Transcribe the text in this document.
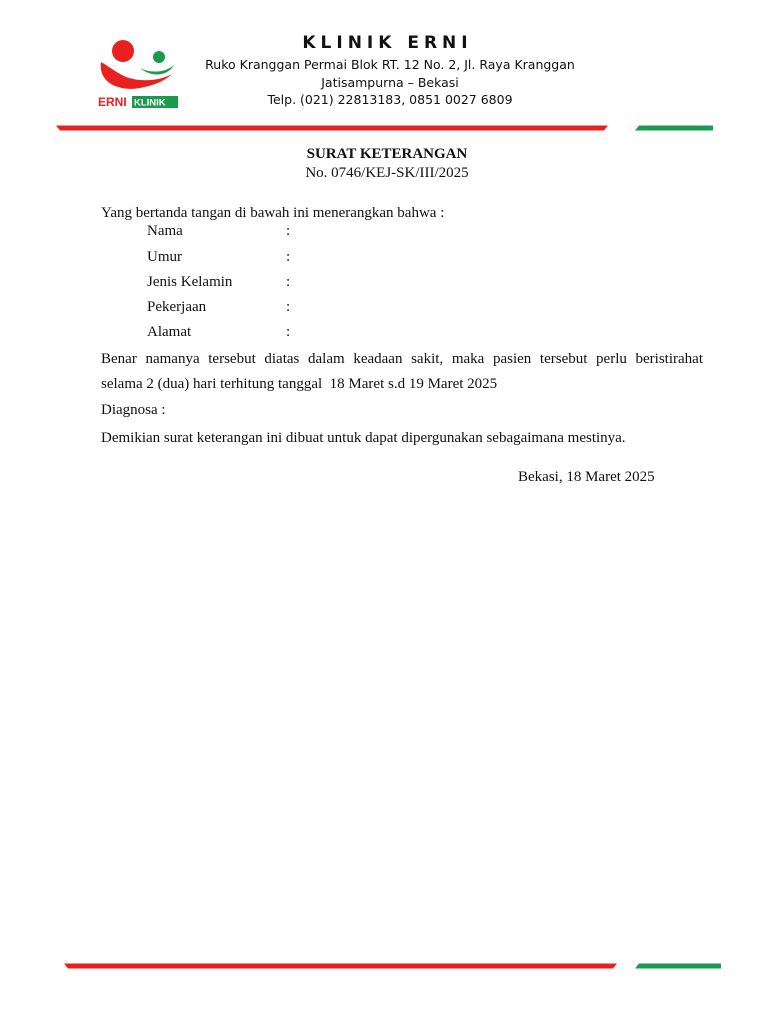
ERNI KLINIK
KLINIK ERNI
Ruko Kranggan Permai Blok RT. 12 No. 2, Jl. Raya Kranggan
Jatisampurna – Bekasi
Telp. (021) 22813183, 0851 0027 6809
SURAT KETERANGAN
No. 0746/KEJ-SK/III/2025
Yang bertanda tangan di bawah ini menerangkan bahwa :
Nama	:
Umur	:
Jenis Kelamin	:
Pekerjaan	:
Alamat	:
Benar namanya tersebut diatas dalam keadaan sakit, maka pasien tersebut perlu beristirahat
selama 2 (dua) hari terhitung tanggal  18 Maret s.d 19 Maret 2025
Diagnosa :
Demikian surat keterangan ini dibuat untuk dapat dipergunakan sebagaimana mestinya.
Bekasi, 18 Maret 2025
